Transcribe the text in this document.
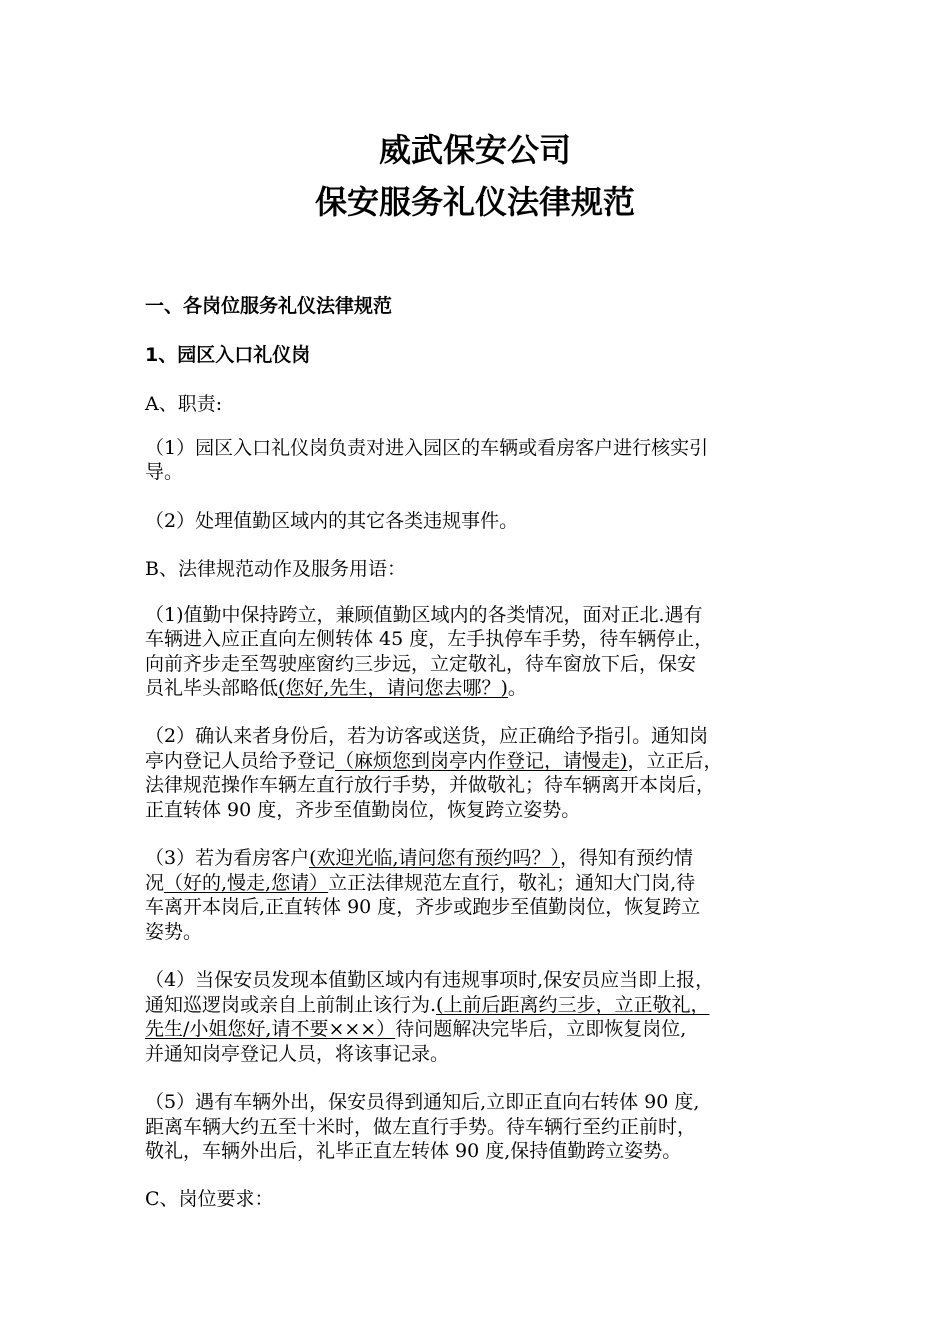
威武保安公司
保安服务礼仪法律规范
一、各岗位服务礼仪法律规范
1、园区入口礼仪岗
A、职责:
（1）园区入口礼仪岗负责对进入园区的车辆或看房客户进行核实引
导。
（2）处理值勤区域内的其它各类违规事件。
B、法律规范动作及服务用语：
（1)值勤中保持跨立，兼顾值勤区域内的各类情况，面对正北.遇有
车辆进入应正直向左侧转体 45 度，左手执停车手势，待车辆停止，
向前齐步走至驾驶座窗约三步远，立定敬礼，待车窗放下后，保安
员礼毕头部略低(您好,先生，请问您去哪？)。
（2）确认来者身份后，若为访客或送货，应正确给予指引。通知岗
亭内登记人员给予登记（麻烦您到岗亭内作登记，请慢走)，立正后，
法律规范操作车辆左直行放行手势，并做敬礼；待车辆离开本岗后，
正直转体 90 度，齐步至值勤岗位，恢复跨立姿势。
（3）若为看房客户(欢迎光临,请问您有预约吗？），得知有预约情
况（好的,慢走,您请）立正法律规范左直行，敬礼；通知大门岗,待
车离开本岗后,正直转体 90 度，齐步或跑步至值勤岗位，恢复跨立
姿势。
（4）当保安员发现本值勤区域内有违规事项时,保安员应当即上报，
通知巡逻岗或亲自上前制止该行为.(上前后距离约三步，立正敬礼，
先生/小姐您好,请不要×××）待问题解决完毕后，立即恢复岗位,
并通知岗亭登记人员，将该事记录。
（5）遇有车辆外出，保安员得到通知后,立即正直向右转体 90 度,
距离车辆大约五至十米时，做左直行手势。待车辆行至约正前时，
敬礼，车辆外出后，礼毕正直左转体 90 度,保持值勤跨立姿势。
C、岗位要求：
